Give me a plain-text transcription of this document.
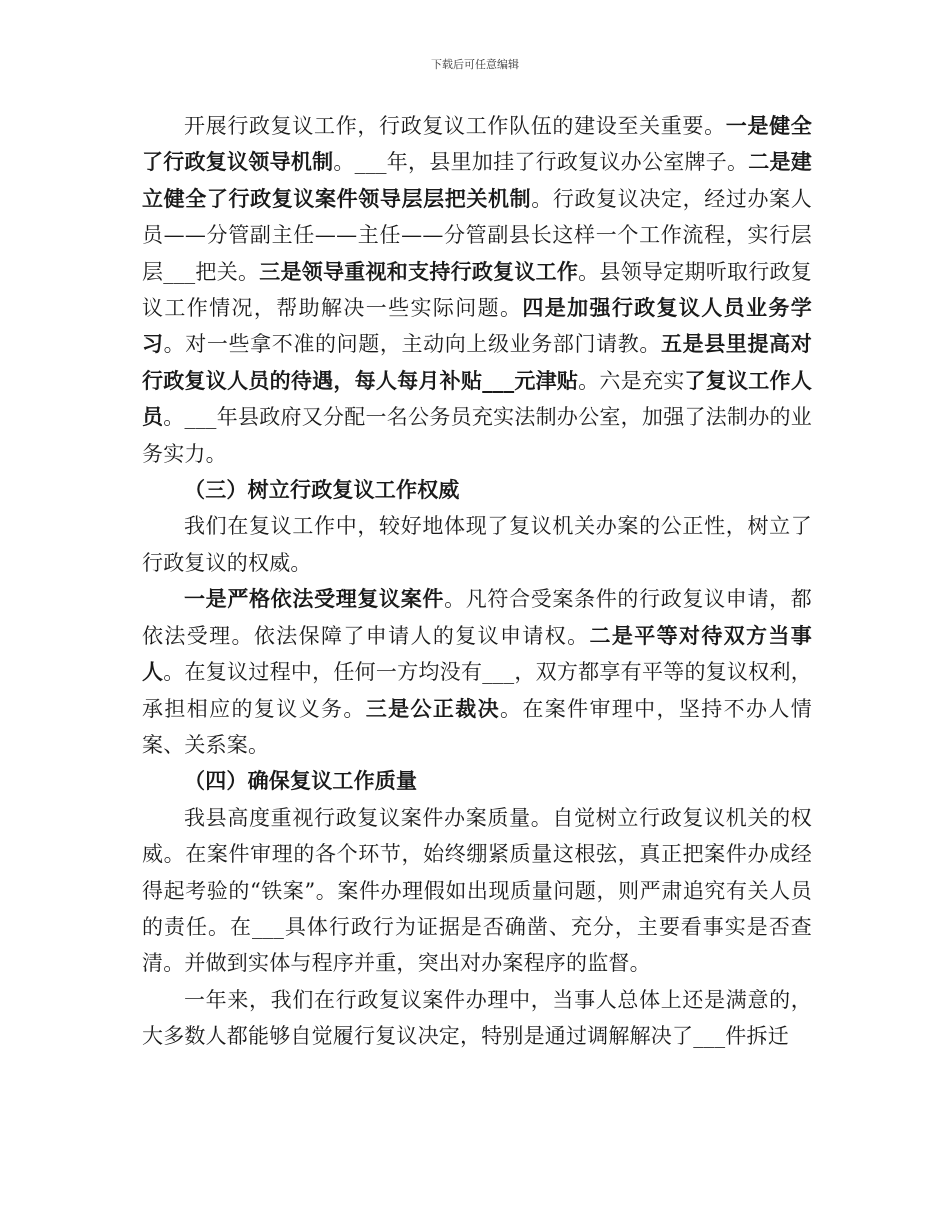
下载后可任意编辑

开展行政复议工作，行政复议工作队伍的建设至关重要。一是健全了行政复议领导机制。___年，县里加挂了行政复议办公室牌子。二是建立健全了行政复议案件领导层层把关机制。行政复议决定，经过办案人员——分管副主任——主任——分管副县长这样一个工作流程，实行层层___把关。三是领导重视和支持行政复议工作。县领导定期听取行政复议工作情况，帮助解决一些实际问题。四是加强行政复议人员业务学习。对一些拿不准的问题，主动向上级业务部门请教。五是县里提高对行政复议人员的待遇，每人每月补贴___元津贴。六是充实了复议工作人员。___年县政府又分配一名公务员充实法制办公室，加强了法制办的业务实力。

（三）树立行政复议工作权威

我们在复议工作中，较好地体现了复议机关办案的公正性，树立了行政复议的权威。

一是严格依法受理复议案件。凡符合受案条件的行政复议申请，都依法受理。依法保障了申请人的复议申请权。二是平等对待双方当事人。在复议过程中，任何一方均没有___，双方都享有平等的复议权利，承担相应的复议义务。三是公正裁决。在案件审理中，坚持不办人情案、关系案。

（四）确保复议工作质量

我县高度重视行政复议案件办案质量。自觉树立行政复议机关的权威。在案件审理的各个环节，始终绷紧质量这根弦，真正把案件办成经得起考验的“铁案”。案件办理假如出现质量问题，则严肃追究有关人员的责任。在___具体行政行为证据是否确凿、充分，主要看事实是否查清。并做到实体与程序并重，突出对办案程序的监督。

一年来，我们在行政复议案件办理中，当事人总体上还是满意的，大多数人都能够自觉履行复议决定，特别是通过调解解决了___件拆迁
